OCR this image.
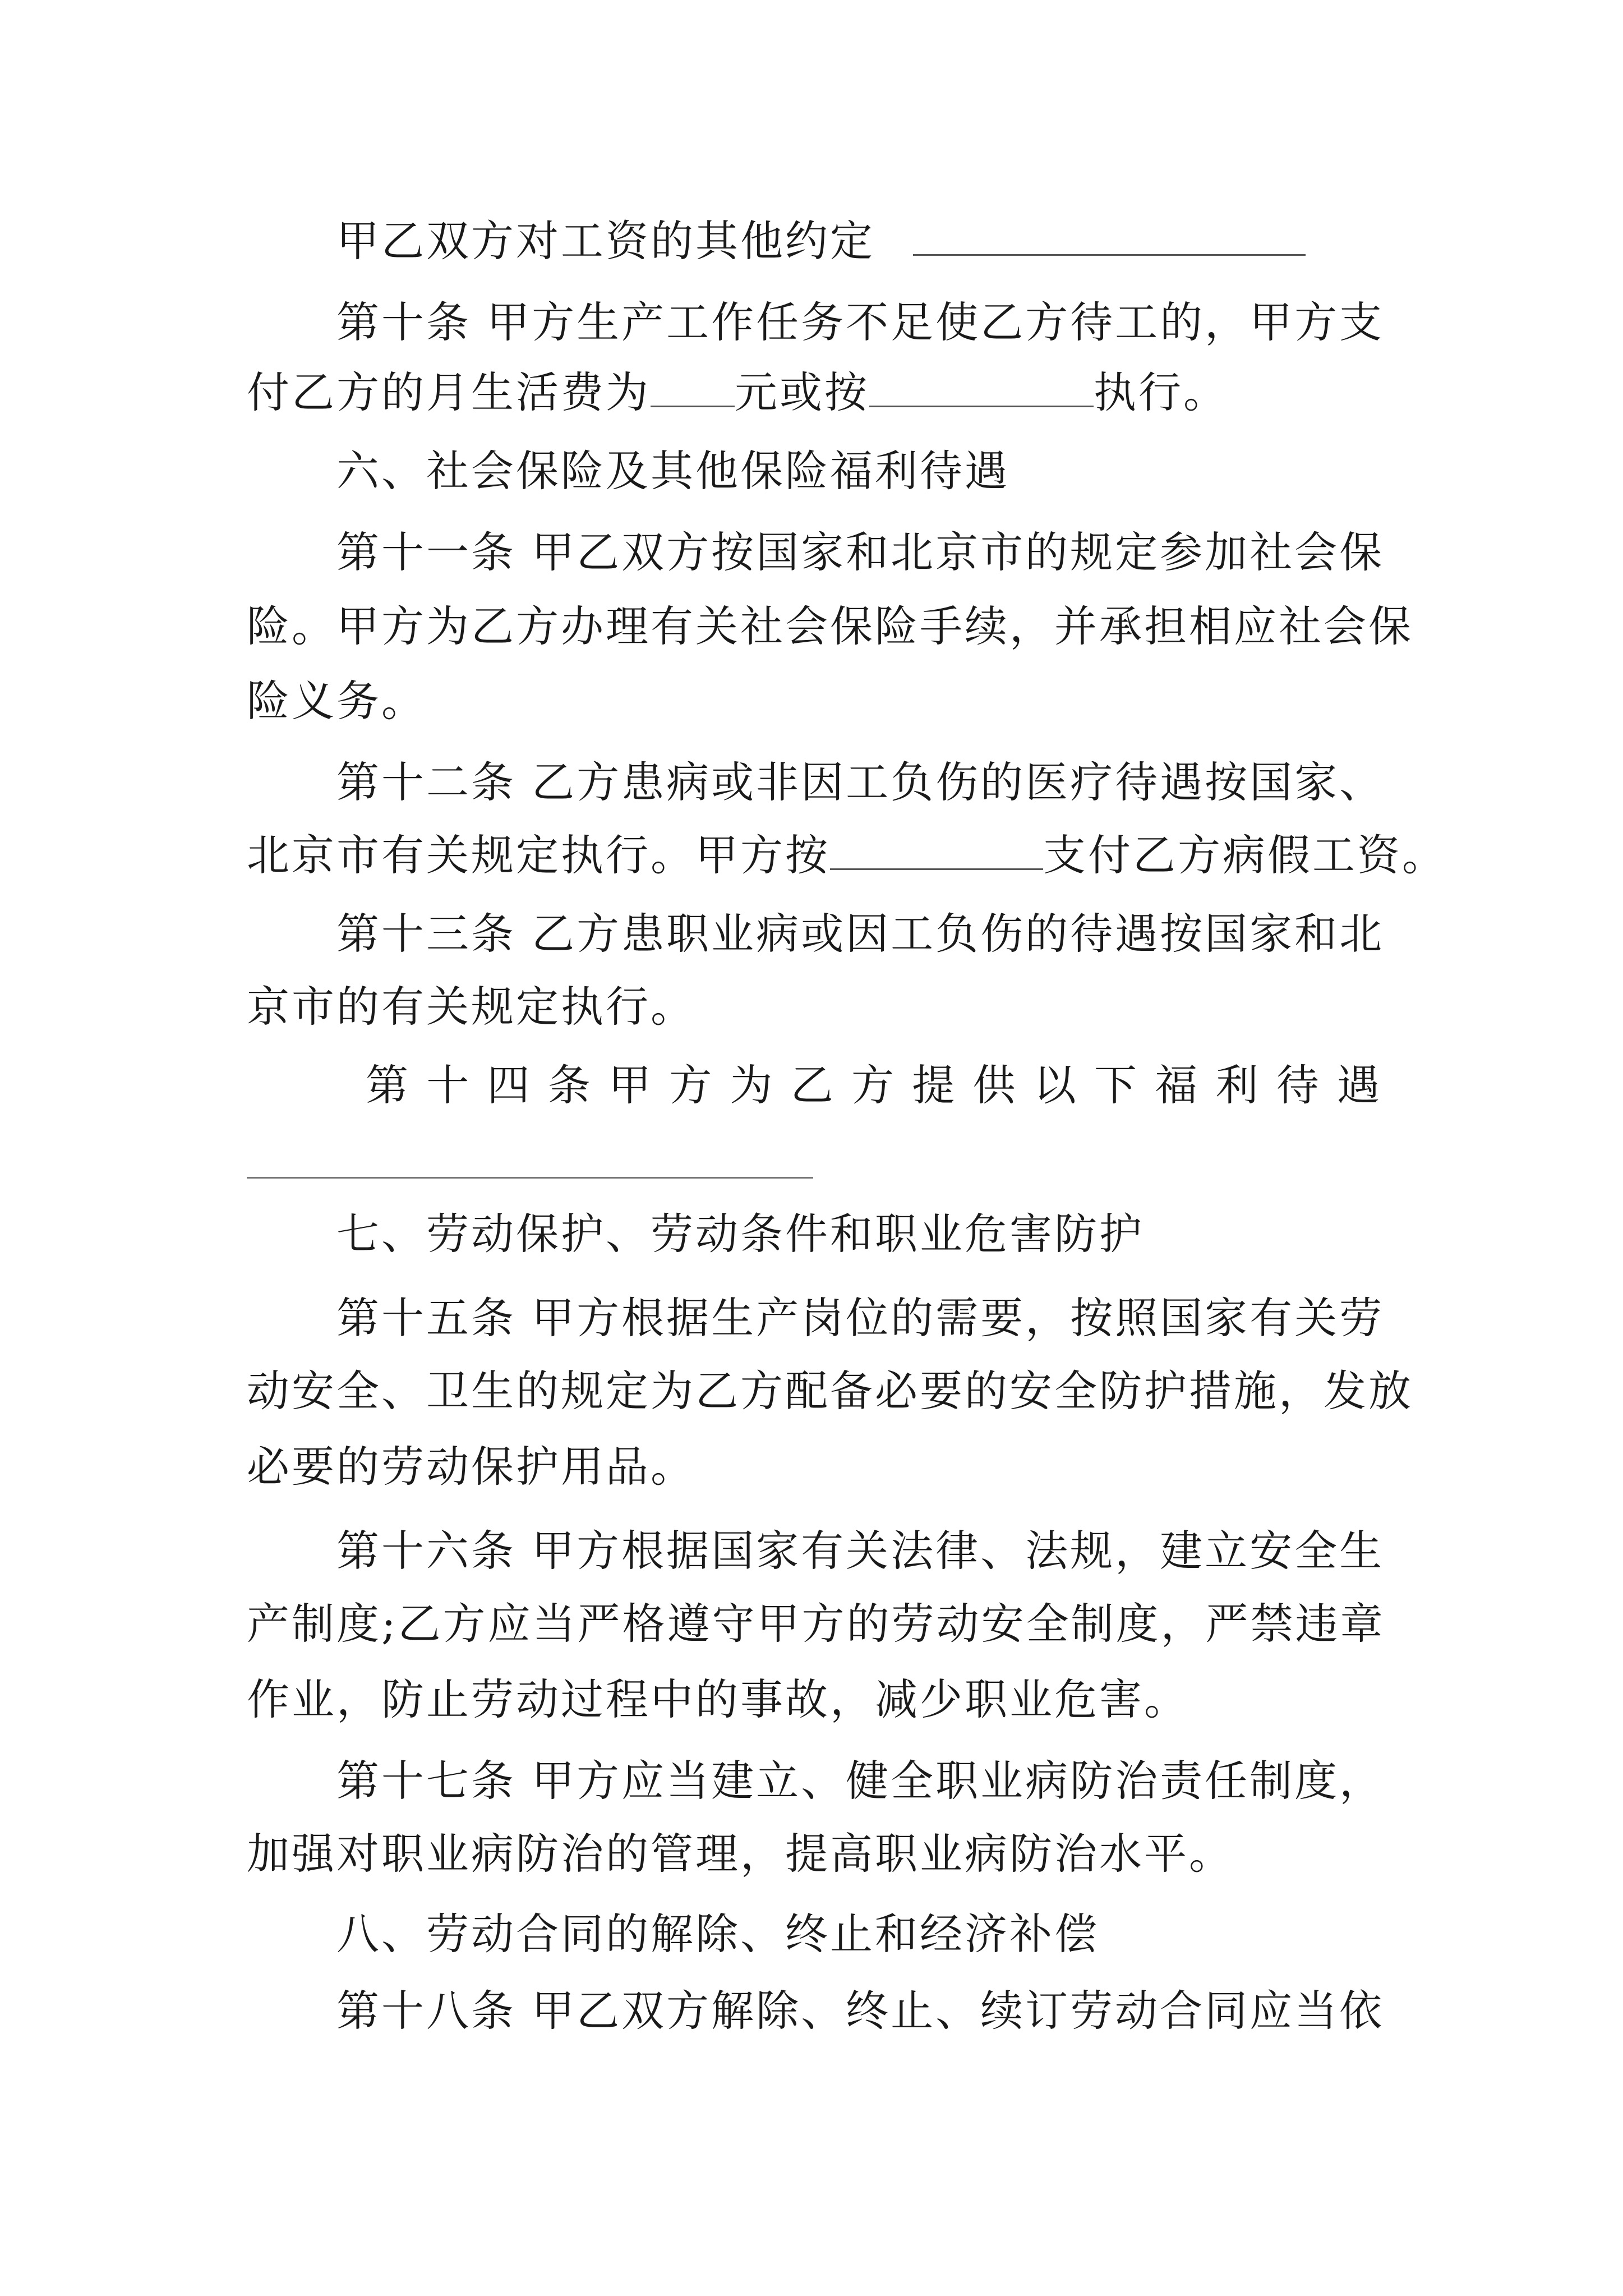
甲乙双方对工资的其他约定
第十条 甲方生产工作任务不足使乙方待工的，甲方支
付乙方的月生活费为 元或按	执行。
六、社会保险及其他保险福利待遇
第十一条 甲乙双方按国家和北京市的规定参加社会保
险。甲方为乙方办理有关社会保险手续，并承担相应社会保
险义务。
第十二条 乙方患病或非因工负伤的医疗待遇按国家、
北京市有关规定执行。甲方按	支付乙方病假工资。
第十三条 乙方患职业病或因工负伤的待遇按国家和北
京市的有关规定执行。
第 十 四 条 甲 方 为 乙 方 提 供 以 下 福 利 待 遇
七、劳动保护、劳动条件和职业危害防护
第十五条 甲方根据生产岗位的需要，按照国家有关劳
动安全、卫生的规定为乙方配备必要的安全防护措施，发放
必要的劳动保护用品。
第十六条 甲方根据国家有关法律、法规，建立安全生
产制度;乙方应当严格遵守甲方的劳动安全制度，严禁违章
作业，防止劳动过程中的事故，减少职业危害。
第十七条 甲方应当建立、健全职业病防治责任制度，
加强对职业病防治的管理，提高职业病防治水平。
八、劳动合同的解除、终止和经济补偿
第十八条 甲乙双方解除、终止、续订劳动合同应当依
